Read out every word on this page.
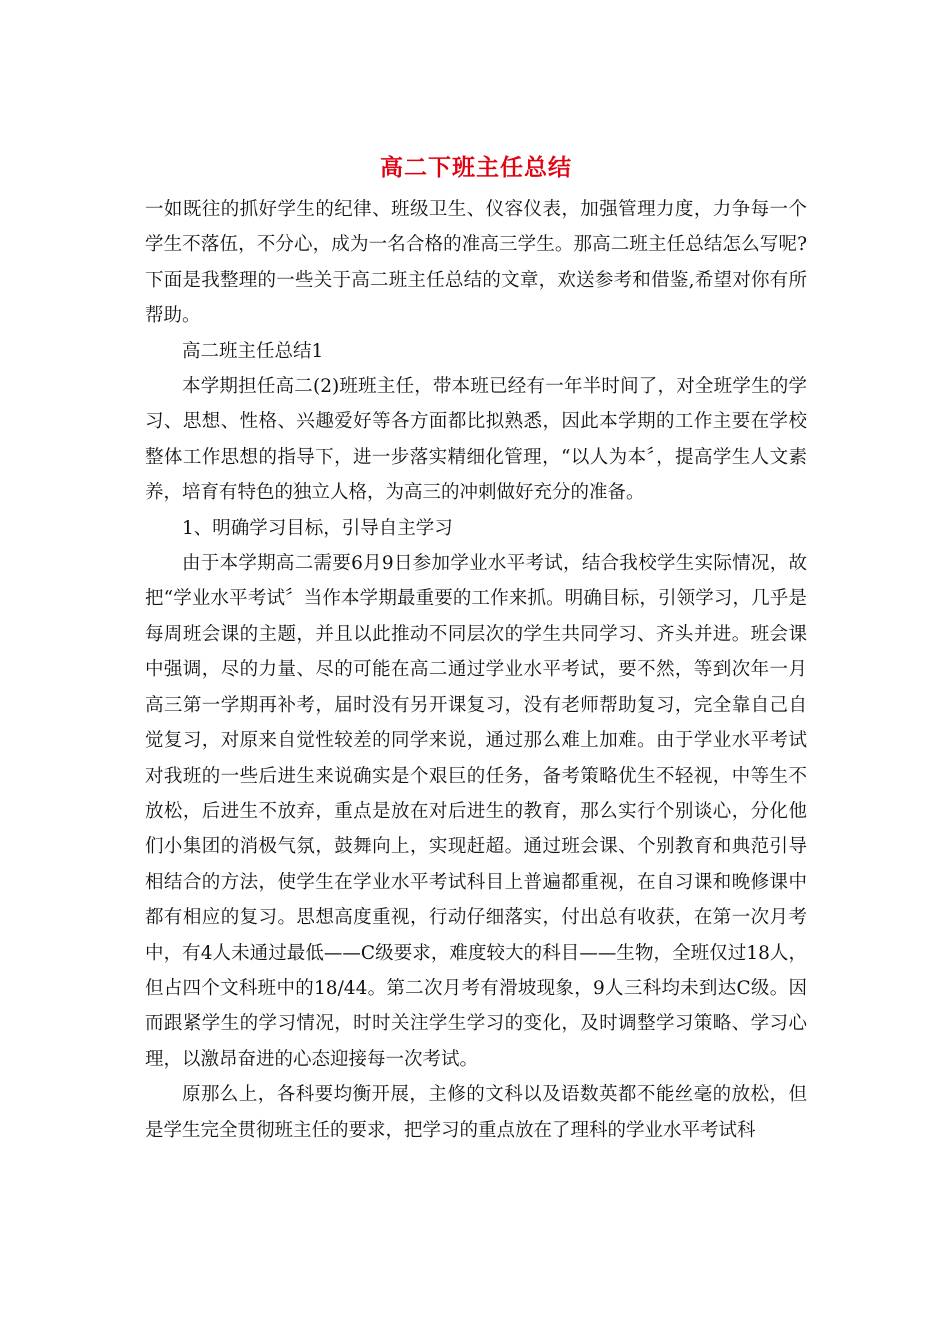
高二下班主任总结

一如既往的抓好学生的纪律、班级卫生、仪容仪表，加强管理力度，力争每一个学生不落伍，不分心，成为一名合格的准高三学生。那高二班主任总结怎么写呢?下面是我整理的一些关于高二班主任总结的文章，欢送参考和借鉴,希望对你有所帮助。

高二班主任总结1

本学期担任高二(2)班班主任，带本班已经有一年半时间了，对全班学生的学习、思想、性格、兴趣爱好等各方面都比拟熟悉，因此本学期的工作主要在学校整体工作思想的指导下，进一步落实精细化管理，“以人为本〞，提高学生人文素养，培育有特色的独立人格，为高三的冲刺做好充分的准备。

1、明确学习目标，引导自主学习

由于本学期高二需要6月9日参加学业水平考试，结合我校学生实际情况，故把“学业水平考试〞当作本学期最重要的工作来抓。明确目标，引领学习，几乎是每周班会课的主题，并且以此推动不同层次的学生共同学习、齐头并进。班会课中强调，尽的力量、尽的可能在高二通过学业水平考试，要不然，等到次年一月高三第一学期再补考，届时没有另开课复习，没有老师帮助复习，完全靠自己自觉复习，对原来自觉性较差的同学来说，通过那么难上加难。由于学业水平考试对我班的一些后进生来说确实是个艰巨的任务，备考策略优生不轻视，中等生不放松，后进生不放弃，重点是放在对后进生的教育，那么实行个别谈心，分化他们小集团的消极气氛，鼓舞向上，实现赶超。通过班会课、个别教育和典范引导相结合的方法，使学生在学业水平考试科目上普遍都重视，在自习课和晚修课中都有相应的复习。思想高度重视，行动仔细落实，付出总有收获，在第一次月考中，有4人未通过最低——C级要求，难度较大的科目——生物，全班仅过18人，但占四个文科班中的18/44。第二次月考有滑坡现象，9人三科均未到达C级。因而跟紧学生的学习情况，时时关注学生学习的变化，及时调整学习策略、学习心理，以激昂奋进的心态迎接每一次考试。

原那么上，各科要均衡开展，主修的文科以及语数英都不能丝毫的放松，但是学生完全贯彻班主任的要求，把学习的重点放在了理科的学业水平考试科
